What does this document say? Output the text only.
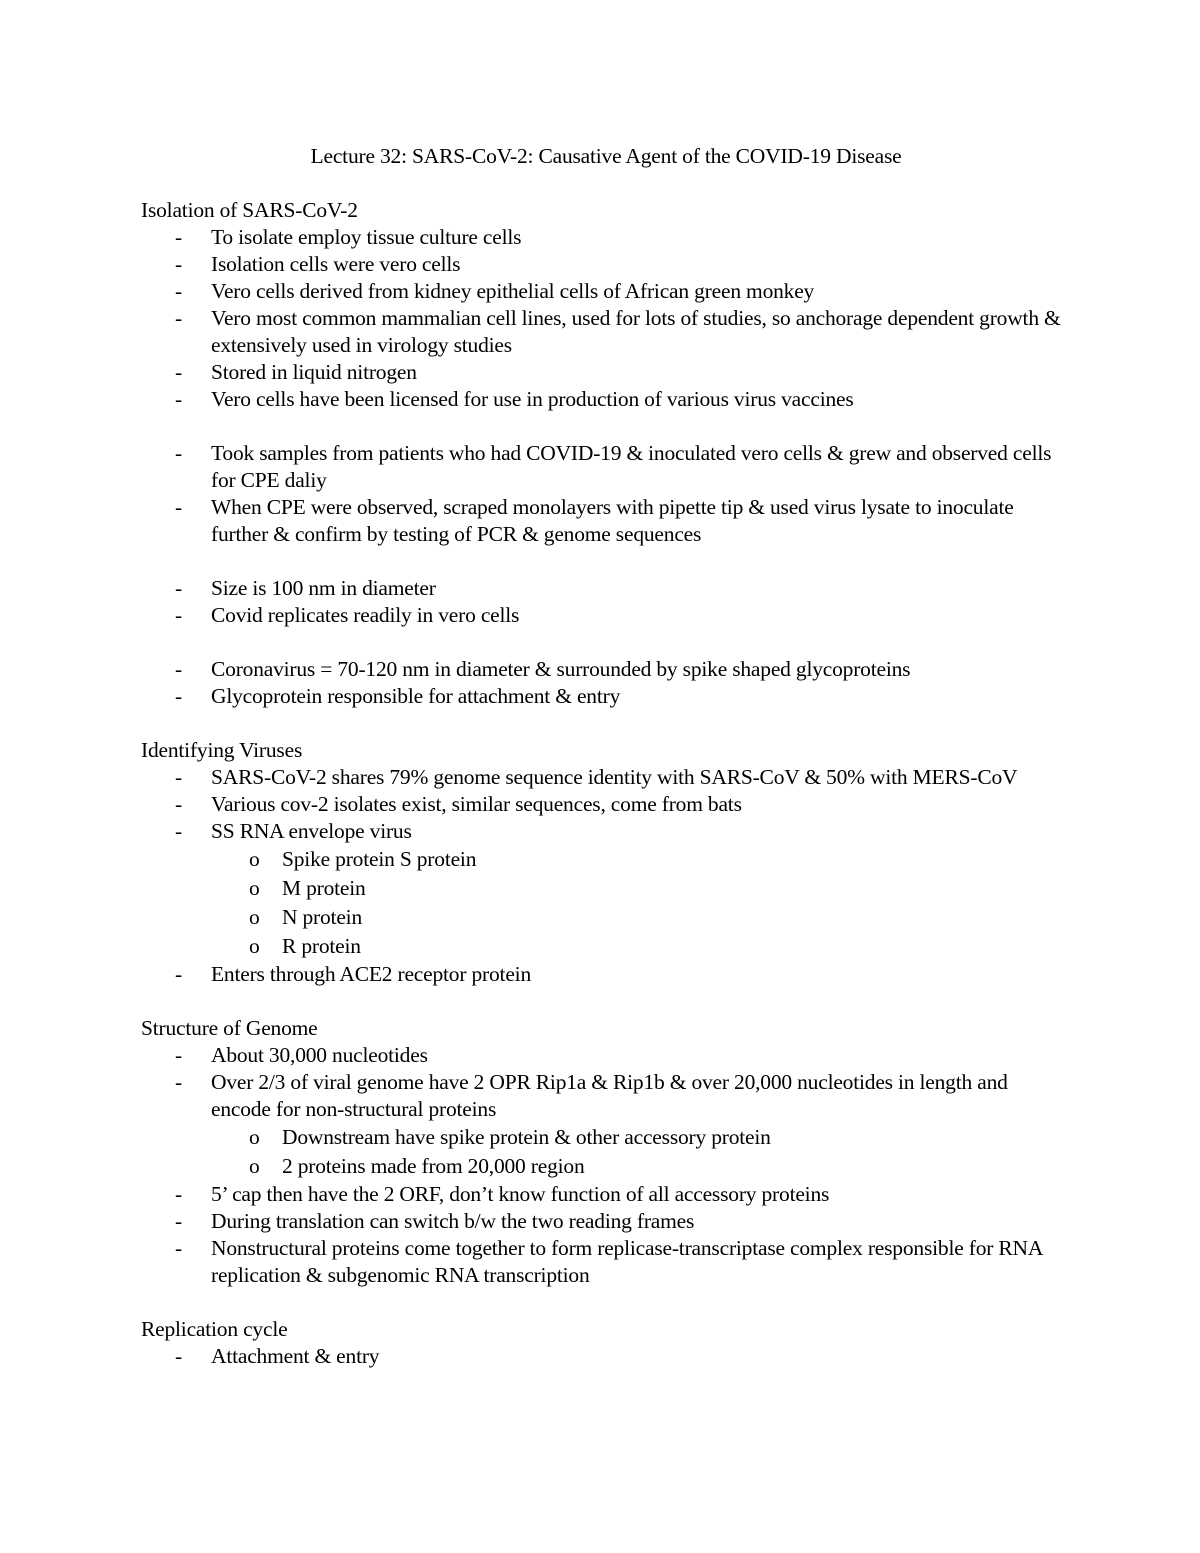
Lecture 32: SARS-CoV-2: Causative Agent of the COVID-19 Disease
Isolation of SARS-CoV-2
- To isolate employ tissue culture cells
- Isolation cells were vero cells
- Vero cells derived from kidney epithelial cells of African green monkey
- Vero most common mammalian cell lines, used for lots of studies, so anchorage dependent growth & extensively used in virology studies
- Stored in liquid nitrogen
- Vero cells have been licensed for use in production of various virus vaccines
- Took samples from patients who had COVID-19 & inoculated vero cells & grew and observed cells for CPE daliy
- When CPE were observed, scraped monolayers with pipette tip & used virus lysate to inoculate further & confirm by testing of PCR & genome sequences
- Size is 100 nm in diameter
- Covid replicates readily in vero cells
- Coronavirus = 70-120 nm in diameter & surrounded by spike shaped glycoproteins
- Glycoprotein responsible for attachment & entry
Identifying Viruses
- SARS-CoV-2 shares 79% genome sequence identity with SARS-CoV & 50% with MERS-CoV
- Various cov-2 isolates exist, similar sequences, come from bats
- SS RNA envelope virus
o Spike protein S protein
o M protein
o N protein
o R protein
- Enters through ACE2 receptor protein
Structure of Genome
- About 30,000 nucleotides
- Over 2/3 of viral genome have 2 OPR Rip1a & Rip1b & over 20,000 nucleotides in length and encode for non-structural proteins
o Downstream have spike protein & other accessory protein
o 2 proteins made from 20,000 region
- 5’ cap then have the 2 ORF, don’t know function of all accessory proteins
- During translation can switch b/w the two reading frames
- Nonstructural proteins come together to form replicase-transcriptase complex responsible for RNA replication & subgenomic RNA transcription
Replication cycle
- Attachment & entry
